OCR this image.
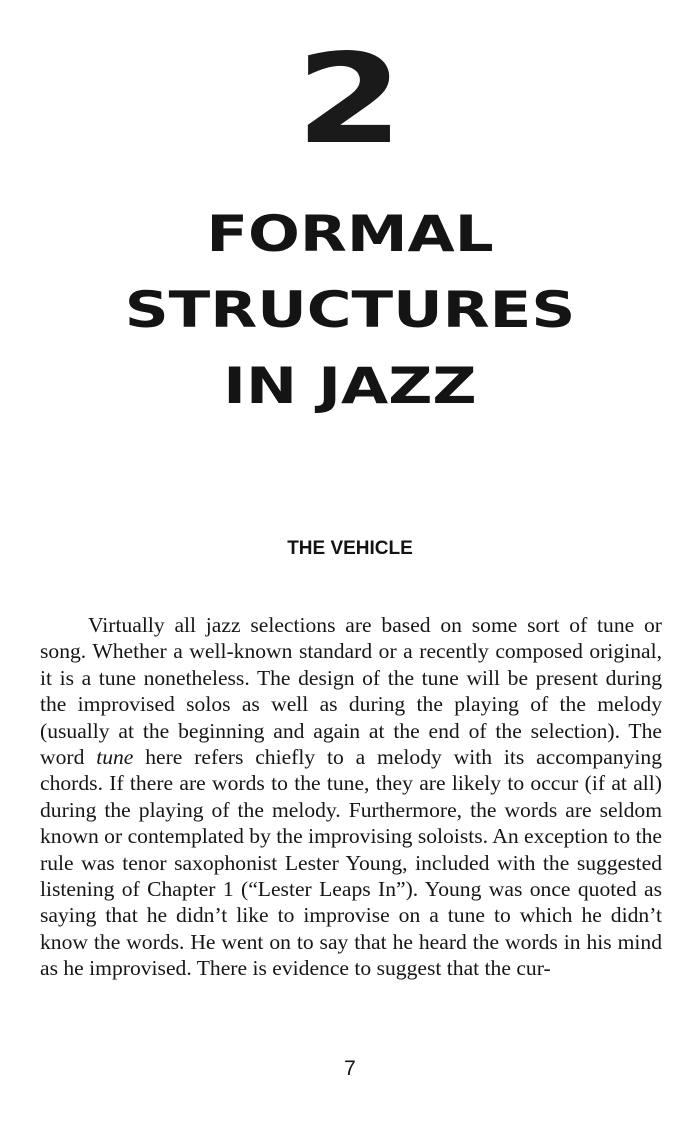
2
FORMAL
STRUCTURES
IN JAZZ
THE VEHICLE

Virtually all jazz selections are based on some sort of tune or song. Whether a well-known standard or a recently composed original, it is a tune nonetheless. The design of the tune will be present during the improvised solos as well as during the playing of the melody (usually at the beginning and again at the end of the selection). The word tune here refers chiefly to a melody with its accompanying chords. If there are words to the tune, they are likely to occur (if at all) during the playing of the melody. Furthermore, the words are seldom known or contemplated by the improvising soloists. An exception to the rule was tenor saxophonist Lester Young, included with the suggested listening of Chapter 1 (“Lester Leaps In”). Young was once quoted as saying that he didn’t like to improvise on a tune to which he didn’t know the words. He went on to say that he heard the words in his mind as he improvised. There is evidence to suggest that the cur-

7
